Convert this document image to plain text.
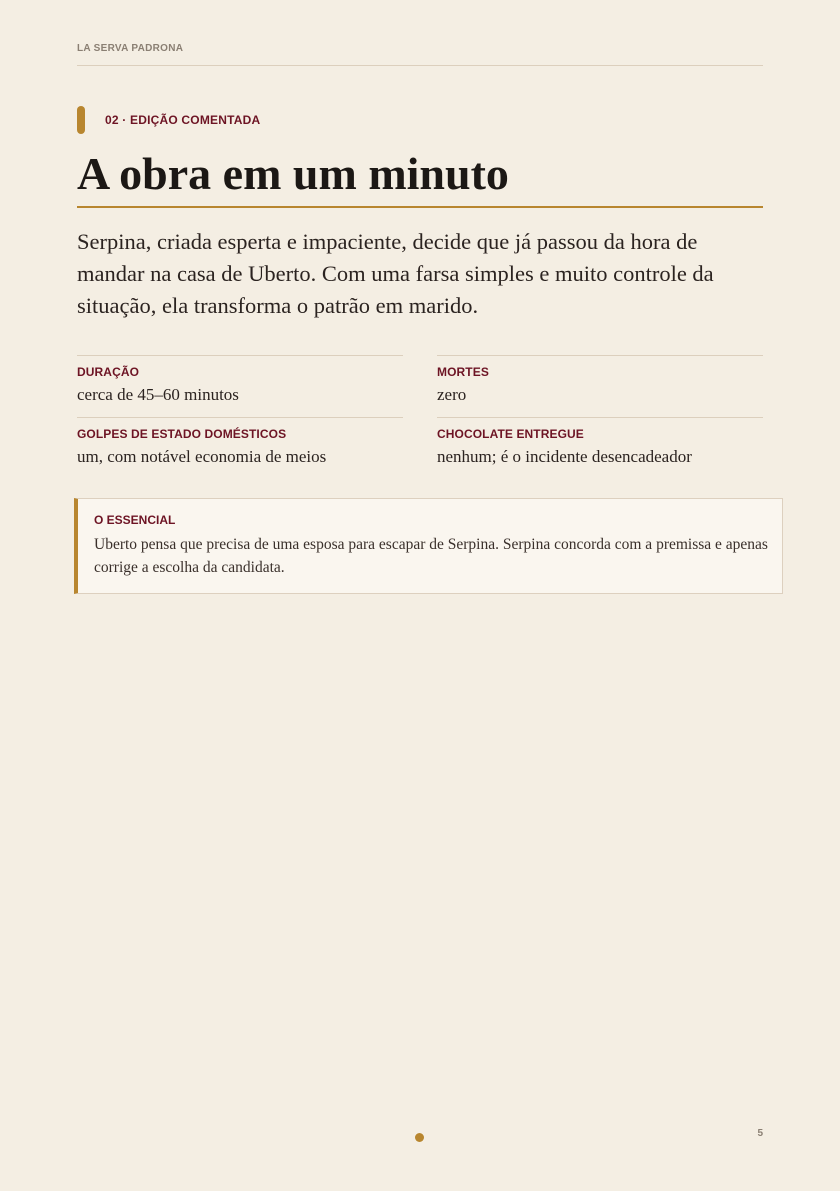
LA SERVA PADRONA
02 · EDIÇÃO COMENTADA
A obra em um minuto

Serpina, criada esperta e impaciente, decide que já passou da hora de mandar na casa de Uberto. Com uma farsa simples e muito controle da situação, ela transforma o patrão em marido.

DURAÇÃO
cerca de 45–60 minutos
MORTES
zero
GOLPES DE ESTADO DOMÉSTICOS
um, com notável economia de meios
CHOCOLATE ENTREGUE
nenhum; é o incidente desencadeador
O ESSENCIAL
Uberto pensa que precisa de uma esposa para escapar de Serpina. Serpina concorda com a premissa e apenas corrige a escolha da candidata.
5
